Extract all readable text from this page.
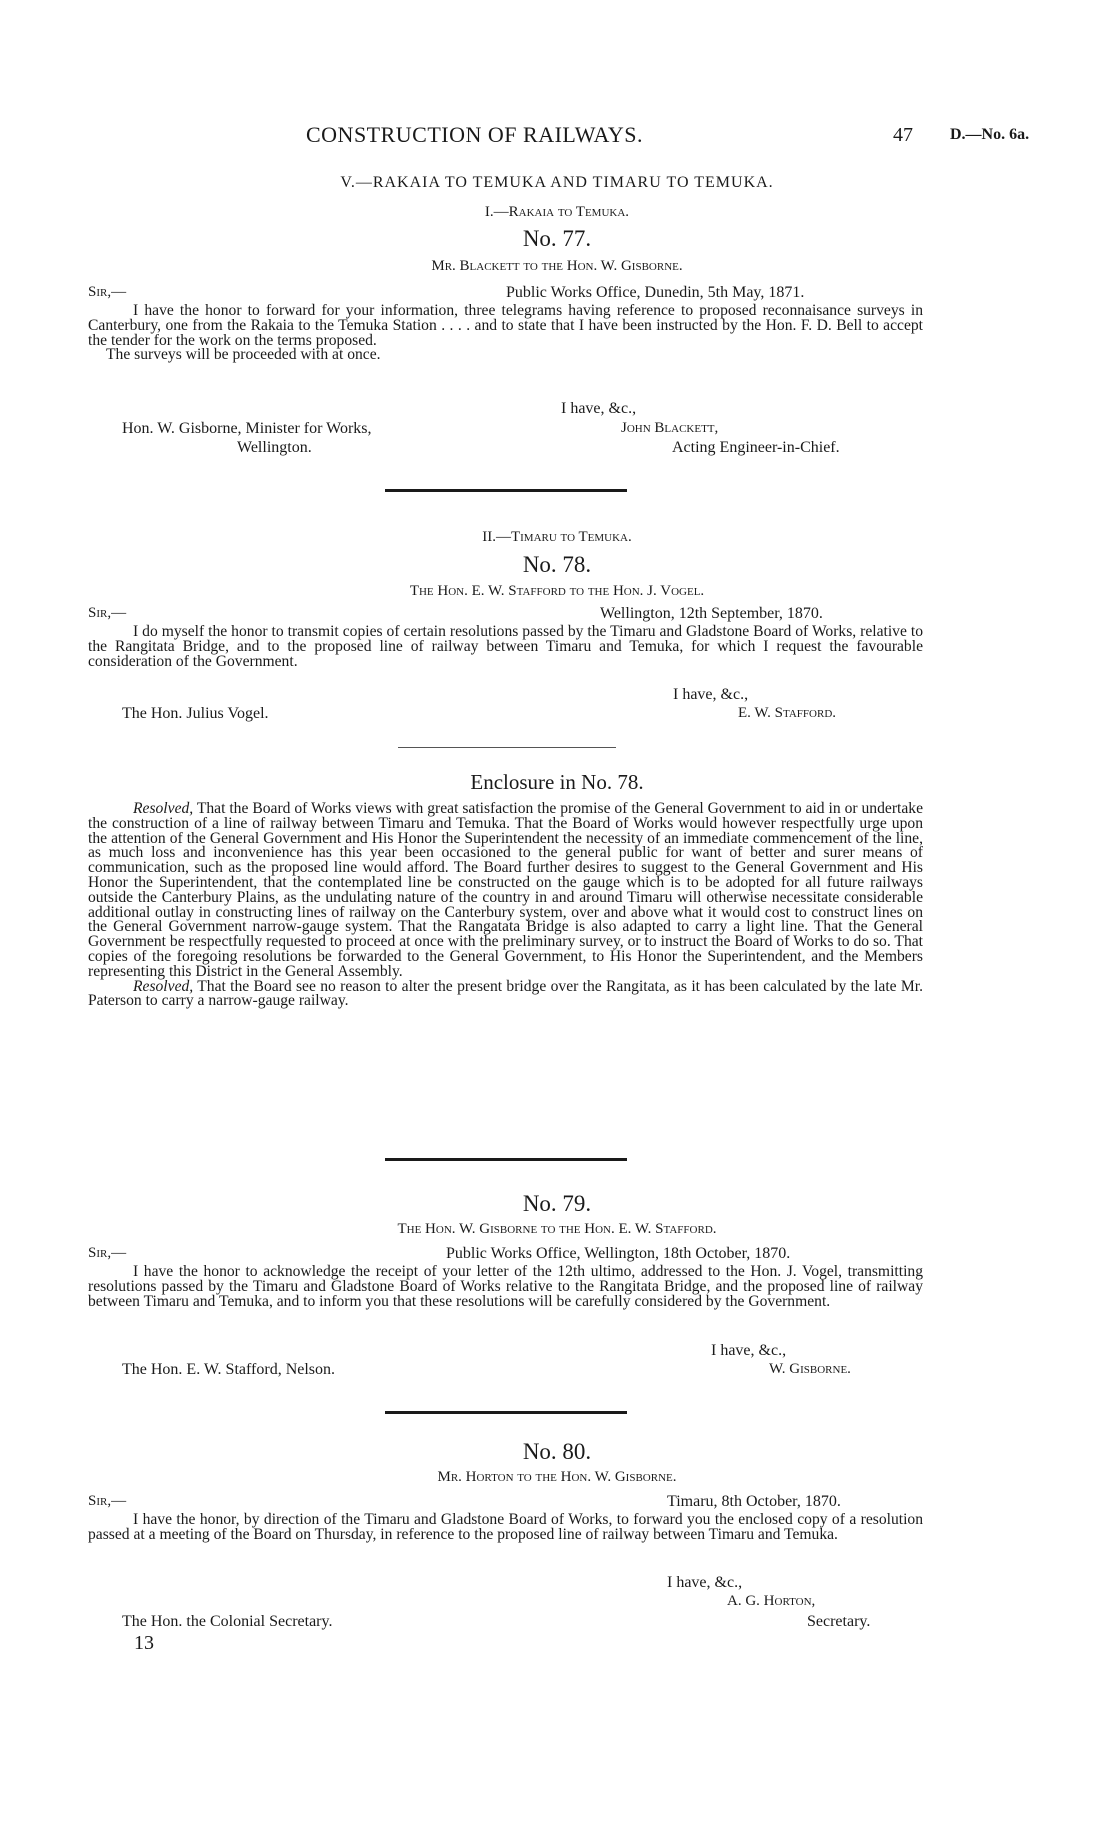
CONSTRUCTION OF RAILWAYS.	47 D.—No. 6a.
V.—RAKAIA TO TEMUKA AND TIMARU TO TEMUKA.
I.—Rakaia to Temuka.
No. 77.
Mr. Blackett to the Hon. W. Gisborne.
Sir,—	Public Works Office, Dunedin, 5th May, 1871.

I have the honor to forward for your information, three telegrams having reference to proposed reconnaisance surveys in Canterbury, one from the Rakaia to the Temuka Station . . . . and to state that I have been instructed by the Hon. F. D. Bell to accept the tender for the work on the terms proposed.

The surveys will be proceeded with at once.

I have, &c.,
Hon. W. Gisborne, Minister for Works,	John Blackett,
Wellington.	Acting Engineer-in-Chief.
II.—Timaru to Temuka.
No. 78.
The Hon. E. W. Stafford to the Hon. J. Vogel.
Sir,—	Wellington, 12th September, 1870.

I do myself the honor to transmit copies of certain resolutions passed by the Timaru and Gladstone Board of Works, relative to the Rangitata Bridge, and to the proposed line of railway between Timaru and Temuka, for which I request the favourable consideration of the Government.

I have, &c.,
The Hon. Julius Vogel.	E. W. Stafford.
Enclosure in No. 78.

Resolved, That the Board of Works views with great satisfaction the promise of the General Government to aid in or undertake the construction of a line of railway between Timaru and Temuka. That the Board of Works would however respectfully urge upon the attention of the General Government and His Honor the Superintendent the necessity of an immediate commencement of the line, as much loss and inconvenience has this year been occasioned to the general public for want of better and surer means of communication, such as the proposed line would afford. The Board further desires to suggest to the General Government and His Honor the Superintendent, that the contemplated line be constructed on the gauge which is to be adopted for all future railways outside the Canterbury Plains, as the undulating nature of the country in and around Timaru will otherwise necessitate considerable additional outlay in constructing lines of railway on the Canterbury system, over and above what it would cost to construct lines on the General Government narrow-gauge system. That the Rangatata Bridge is also adapted to carry a light line. That the General Government be respectfully requested to proceed at once with the preliminary survey, or to instruct the Board of Works to do so. That copies of the foregoing resolutions be forwarded to the General Government, to His Honor the Superintendent, and the Members representing this District in the General Assembly.

Resolved, That the Board see no reason to alter the present bridge over the Rangitata, as it has been calculated by the late Mr. Paterson to carry a narrow-gauge railway.

No. 79.
The Hon. W. Gisborne to the Hon. E. W. Stafford.
Sir,—	Public Works Office, Wellington, 18th October, 1870.

I have the honor to acknowledge the receipt of your letter of the 12th ultimo, addressed to the Hon. J. Vogel, transmitting resolutions passed by the Timaru and Gladstone Board of Works relative to the Rangitata Bridge, and the proposed line of railway between Timaru and Temuka, and to inform you that these resolutions will be carefully considered by the Government.

I have, &c.,
The Hon. E. W. Stafford, Nelson.	W. Gisborne.
No. 80.
Mr. Horton to the Hon. W. Gisborne.
Sir,—	Timaru, 8th October, 1870.

I have the honor, by direction of the Timaru and Gladstone Board of Works, to forward you the enclosed copy of a resolution passed at a meeting of the Board on Thursday, in reference to the proposed line of railway between Timaru and Temuka.

I have, &c.,
A. G. Horton,
The Hon. the Colonial Secretary.	Secretary.
13
